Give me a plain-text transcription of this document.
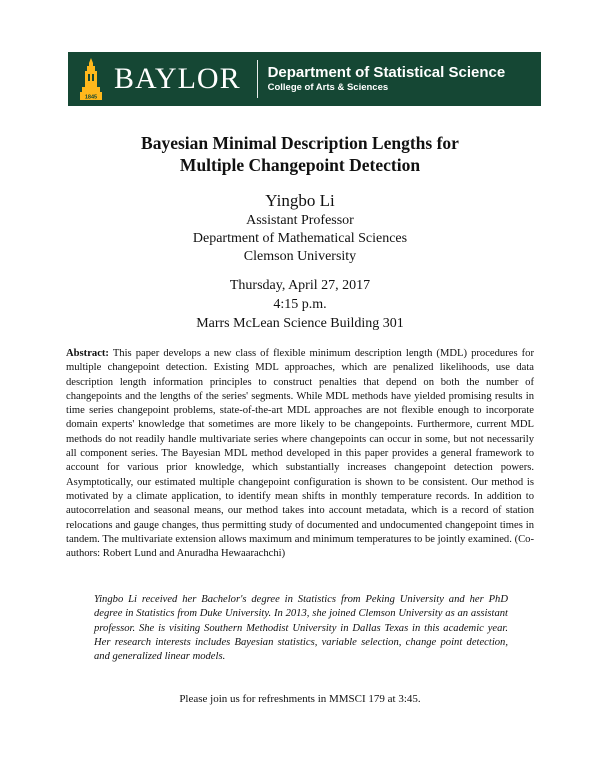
1845
BAYLOR Department of Statistical Science
College of Arts & Sciences
Bayesian Minimal Description Lengths for
Multiple Changepoint Detection
Yingbo Li
Assistant Professor
Department of Mathematical Sciences
Clemson University
Thursday, April 27, 2017
4:15 p.m.
Marrs McLean Science Building 301

Abstract: This paper develops a new class of flexible minimum description length (MDL) procedures for multiple changepoint detection. Existing MDL approaches, which are penalized likelihoods, use data description length information principles to construct penalties that depend on both the number of changepoints and the lengths of the series' segments. While MDL methods have yielded promising results in time series changepoint problems, state-of-the-art MDL approaches are not flexible enough to incorporate domain experts' knowledge that sometimes are more likely to be changepoints. Furthermore, current MDL methods do not readily handle multivariate series where changepoints can occur in some, but not necessarily all component series. The Bayesian MDL method developed in this paper provides a general framework to account for various prior knowledge, which substantially increases changepoint detection powers. Asymptotically, our estimated multiple changepoint configuration is shown to be consistent. Our method is motivated by a climate application, to identify mean shifts in monthly temperature records. In addition to autocorrelation and seasonal means, our method takes into account metadata, which is a record of station relocations and gauge changes, thus permitting study of documented and undocumented changepoint times in tandem. The multivariate extension allows maximum and minimum temperatures to be jointly examined. (Co-authors: Robert Lund and Anuradha Hewaarachchi)

Yingbo Li received her Bachelor's degree in Statistics from Peking University and her PhD degree in Statistics from Duke University. In 2013, she joined Clemson University as an assistant professor. She is visiting Southern Methodist University in Dallas Texas in this academic year. Her research interests includes Bayesian statistics, variable selection, change point detection, and generalized linear models.

Please join us for refreshments in MMSCI 179 at 3:45.
